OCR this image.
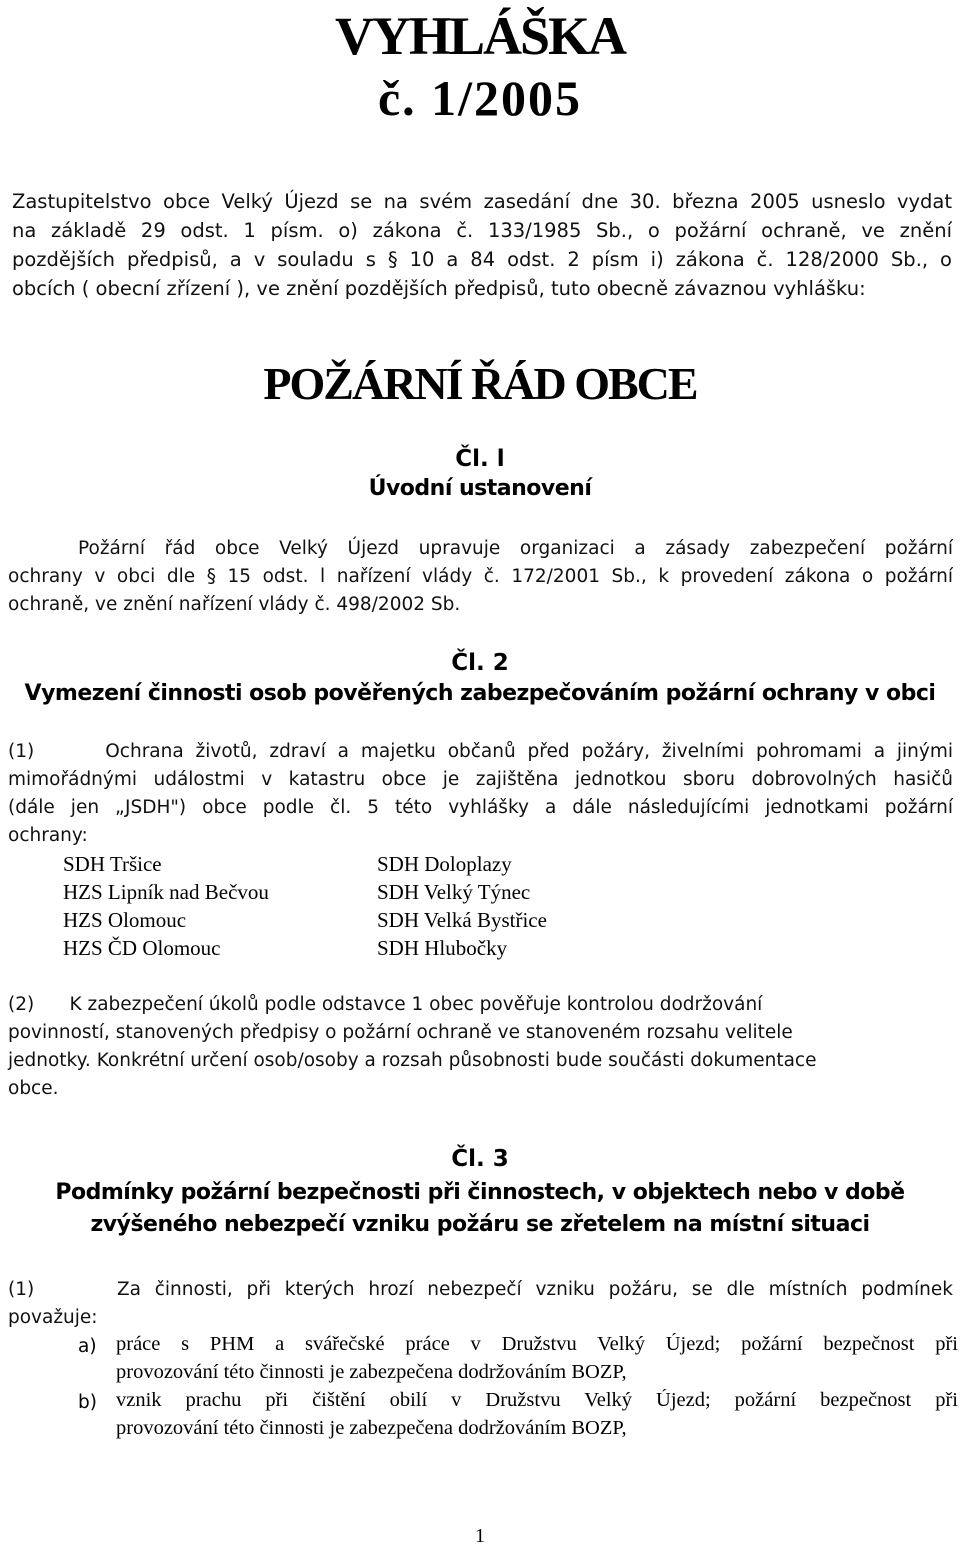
VYHLÁŠKA
č. 1/2005
Zastupitelstvo obce Velký Újezd se na svém zasedání dne 30. března 2005 usneslo vydat
na základě 29 odst. 1 písm. o) zákona č. 133/1985 Sb., o požární ochraně, ve znění
pozdějších předpisů, a v souladu s § 10 a 84 odst. 2 písm i) zákona č. 128/2000 Sb., o
obcích ( obecní zřízení ), ve znění pozdějších předpisů, tuto obecně závaznou vyhlášku:
POŽÁRNÍ ŘÁD OBCE
Čl. l
Úvodní ustanovení
Požární řád obce Velký Újezd upravuje organizaci a zásady zabezpečení požární
ochrany v obci dle § 15 odst. l nařízení vlády č. 172/2001 Sb., k provedení zákona o požární
ochraně, ve znění nařízení vlády č. 498/2002 Sb.
Čl. 2
Vymezení činnosti osob pověřených zabezpečováním požární ochrany v obci
(1)      Ochrana životů, zdraví a majetku občanů před požáry, živelními pohromami a jinými
mimořádnými událostmi v katastru obce je zajištěna jednotkou sboru dobrovolných hasičů
(dále jen „JSDH") obce podle čl. 5 této vyhlášky a dále následujícími jednotkami požární
ochrany:
SDH Tršice
HZS Lipník nad Bečvou
HZS Olomouc
HZS ČD Olomouc
SDH Doloplazy
SDH Velký Týnec
SDH Velká Bystřice
SDH Hlubočky
(2)      K zabezpečení úkolů podle odstavce 1 obec pověřuje kontrolou dodržování
povinností, stanovených předpisy o požární ochraně ve stanoveném rozsahu velitele
jednotky. Konkrétní určení osob/osoby a rozsah působnosti bude součásti dokumentace
obce.
Čl. 3
Podmínky požární bezpečnosti při činnostech, v objektech nebo v době
zvýšeného nebezpečí vzniku požáru se zřetelem na místní situaci
(1)      Za činnosti, při kterých hrozí nebezpečí vzniku požáru, se dle místních podmínek
považuje:
a) práce s PHM a svářečské práce v Družstvu Velký Újezd; požární bezpečnost při
provozování této činnosti je zabezpečena dodržováním BOZP,
b) vznik prachu při čištění obilí v Družstvu Velký Újezd; požární bezpečnost při
provozování této činnosti je zabezpečena dodržováním BOZP,
1
